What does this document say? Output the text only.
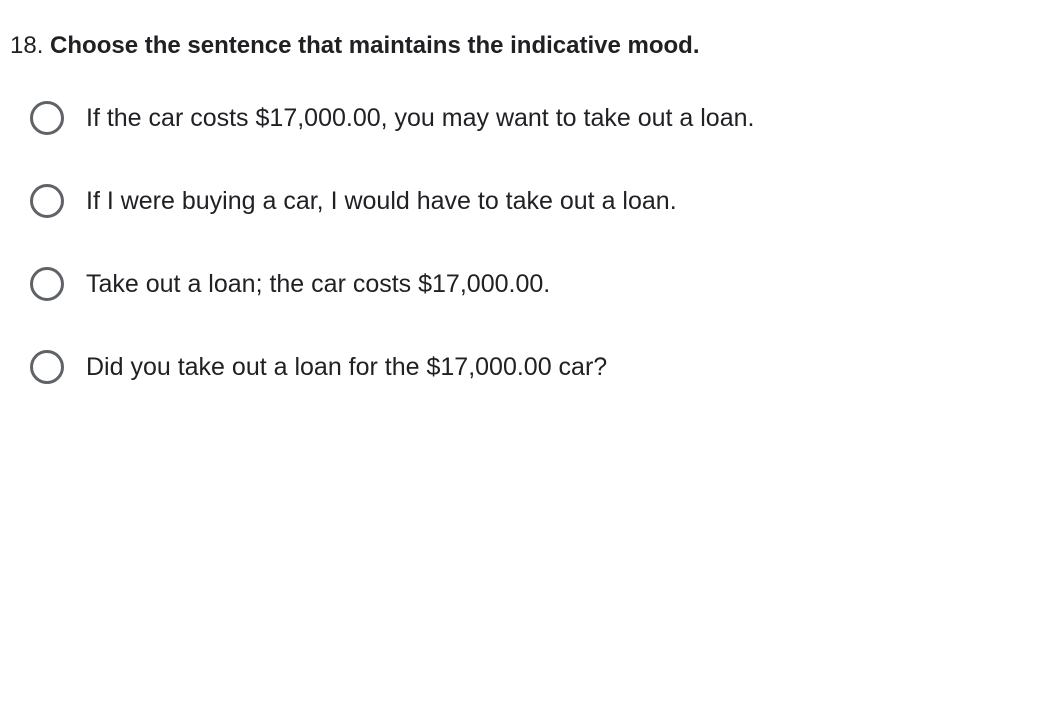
18. Choose the sentence that maintains the indicative mood.
If the car costs $17,000.00, you may want to take out a loan.
If I were buying a car, I would have to take out a loan.
Take out a loan; the car costs $17,000.00.
Did you take out a loan for the $17,000.00 car?
